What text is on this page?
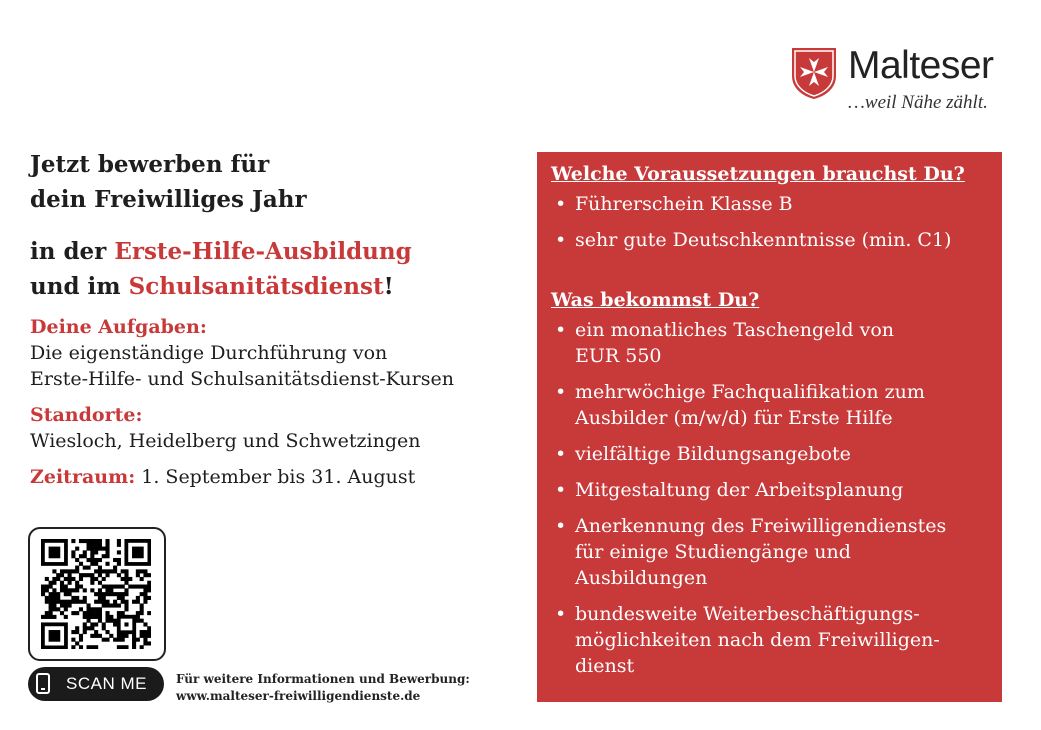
Malteser
…weil Nähe zählt.

Jetzt bewerben für
dein Freiwilliges Jahr

in der Erste-Hilfe-Ausbildung
und im Schulsanitätsdienst!

Deine Aufgaben:
Die eigenständige Durchführung von
Erste-Hilfe- und Schulsanitätsdienst-Kursen
Standorte:
Wiesloch, Heidelberg und Schwetzingen
Zeitraum: 1. September bis 31. August
SCAN ME Für weitere Informationen und Bewerbung:
www.malteser-freiwilligendienste.de
Welche Voraussetzungen brauchst Du?
• Führerschein Klasse B
• sehr gute Deutschkenntnisse (min. C1)
Was bekommst Du?
• ein monatliches Taschengeld von
EUR 550
• mehrwöchige Fachqualifikation zum
Ausbilder (m/w/d) für Erste Hilfe
• vielfältige Bildungsangebote
• Mitgestaltung der Arbeitsplanung
• Anerkennung des Freiwilligendienstes
für einige Studiengänge und Ausbildungen
• bundesweite Weiterbeschäftigungs-
möglichkeiten nach dem Freiwilligen-
dienst
